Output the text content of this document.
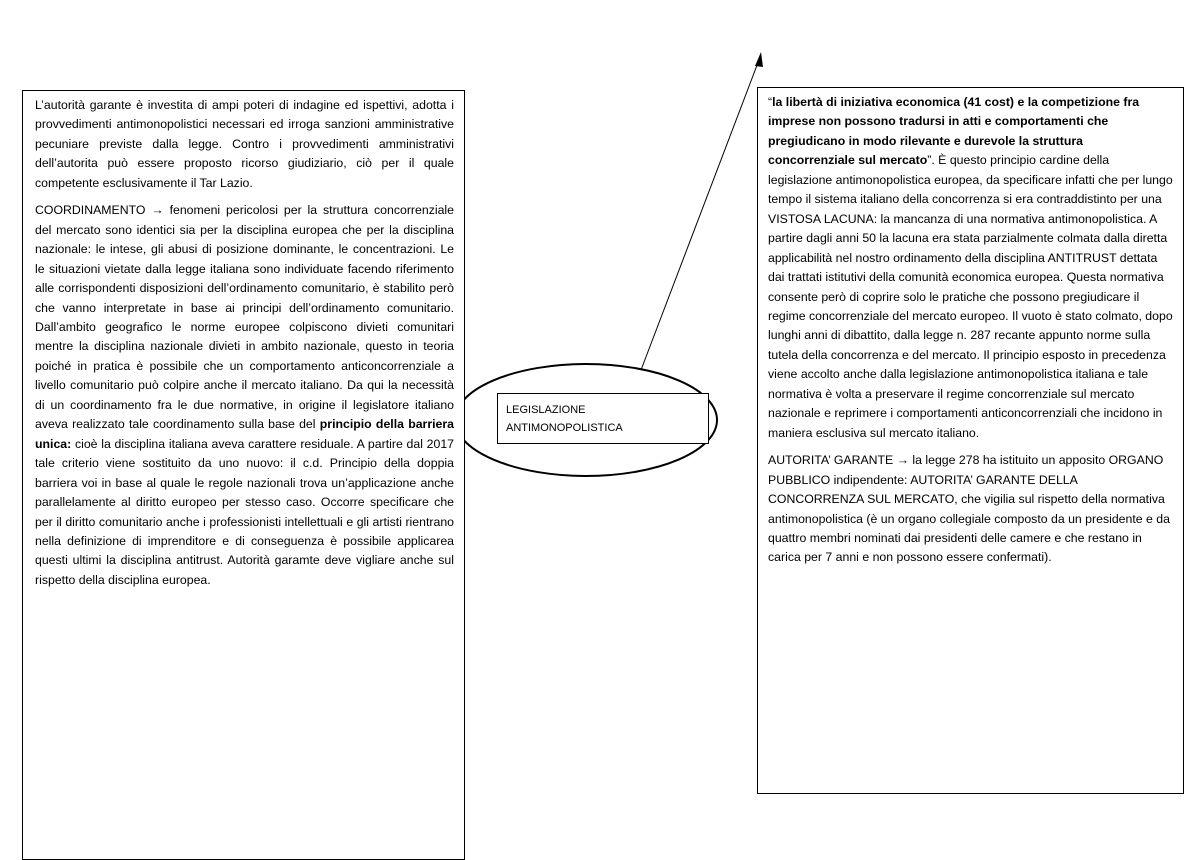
L’autorità garante è investita di ampi poteri di indagine ed ispettivi, adotta i provvedimenti antimonopolistici necessari ed irroga sanzioni amministrative pecuniare previste dalla legge. Contro i provvedimenti amministrativi dell’autorita può essere proposto ricorso giudiziario, ciò per il quale competente esclusivamente il Tar Lazio.

COORDINAMENTO → fenomeni pericolosi per la struttura concorrenziale del mercato sono identici sia per la disciplina europea che per la disciplina nazionale: le intese, gli abusi di posizione dominante, le concentrazioni. Le le situazioni vietate dalla legge italiana sono individuate facendo riferimento alle corrispondenti disposizioni dell’ordinamento comunitario, è stabilito però che vanno interpretate in base ai principi dell’ordinamento comunitario. Dall’ambito geografico le norme europee colpiscono divieti comunitari mentre la disciplina nazionale divieti in ambito nazionale, questo in teoria poiché in pratica è possibile che un comportamento anticoncorrenziale a livello comunitario può colpire anche il mercato italiano. Da qui la necessità di un coordinamento fra le due normative, in origine il legislatore italiano aveva realizzato tale coordinamento sulla base del principio della barriera unica: cioè la disciplina italiana aveva carattere residuale. A partire dal 2017 tale criterio viene sostituito da uno nuovo: il c.d. Principio della doppia barriera voi in base al quale le regole nazionali trova un’applicazione anche parallelamente al diritto europeo per stesso caso. Occorre specificare che per il diritto comunitario anche i professionisti intellettuali e gli artisti rientrano nella definizione di imprenditore e di conseguenza è possibile applicarea questi ultimi la disciplina antitrust. Autorità garamte deve vigliare anche sul rispetto della disciplina europea.

LEGISLAZIONE ANTIMONOPOLISTICA

“la libertà di iniziativa economica (41 cost) e la competizione fra imprese non possono tradursi in atti e comportamenti che pregiudicano in modo rilevante e durevole la struttura concorrenziale sul mercato”. È questo principio cardine della legislazione antimonopolistica europea, da specificare infatti che per lungo tempo il sistema italiano della concorrenza si era contraddistinto per una VISTOSA LACUNA: la mancanza di una normativa antimonopolistica. A partire dagli anni 50 la lacuna era stata parzialmente colmata dalla diretta applicabilità nel nostro ordinamento della disciplina ANTITRUST dettata dai trattati istitutivi della comunità economica europea. Questa normativa consente però di coprire solo le pratiche che possono pregiudicare il regime concorrenziale del mercato europeo. Il vuoto è stato colmato, dopo lunghi anni di dibattito, dalla legge n. 287 recante appunto norme sulla tutela della concorrenza e del mercato. Il principio esposto in precedenza viene accolto anche dalla legislazione antimonopolistica italiana e tale normativa è volta a preservare il regime concorrenziale sul mercato nazionale e reprimere i comportamenti anticoncorrenziali che incidono in maniera esclusiva sul mercato italiano.

AUTORITA’ GARANTE → la legge 278 ha istituito un apposito ORGANO PUBBLICO indipendente: AUTORITA’ GARANTE DELLA CONCORRENZA SUL MERCATO, che vigilia sul rispetto della normativa antimonopolistica (è un organo collegiale composto da un presidente e da quattro membri nominati dai presidenti delle camere e che restano in carica per 7 anni e non possono essere confermati).
